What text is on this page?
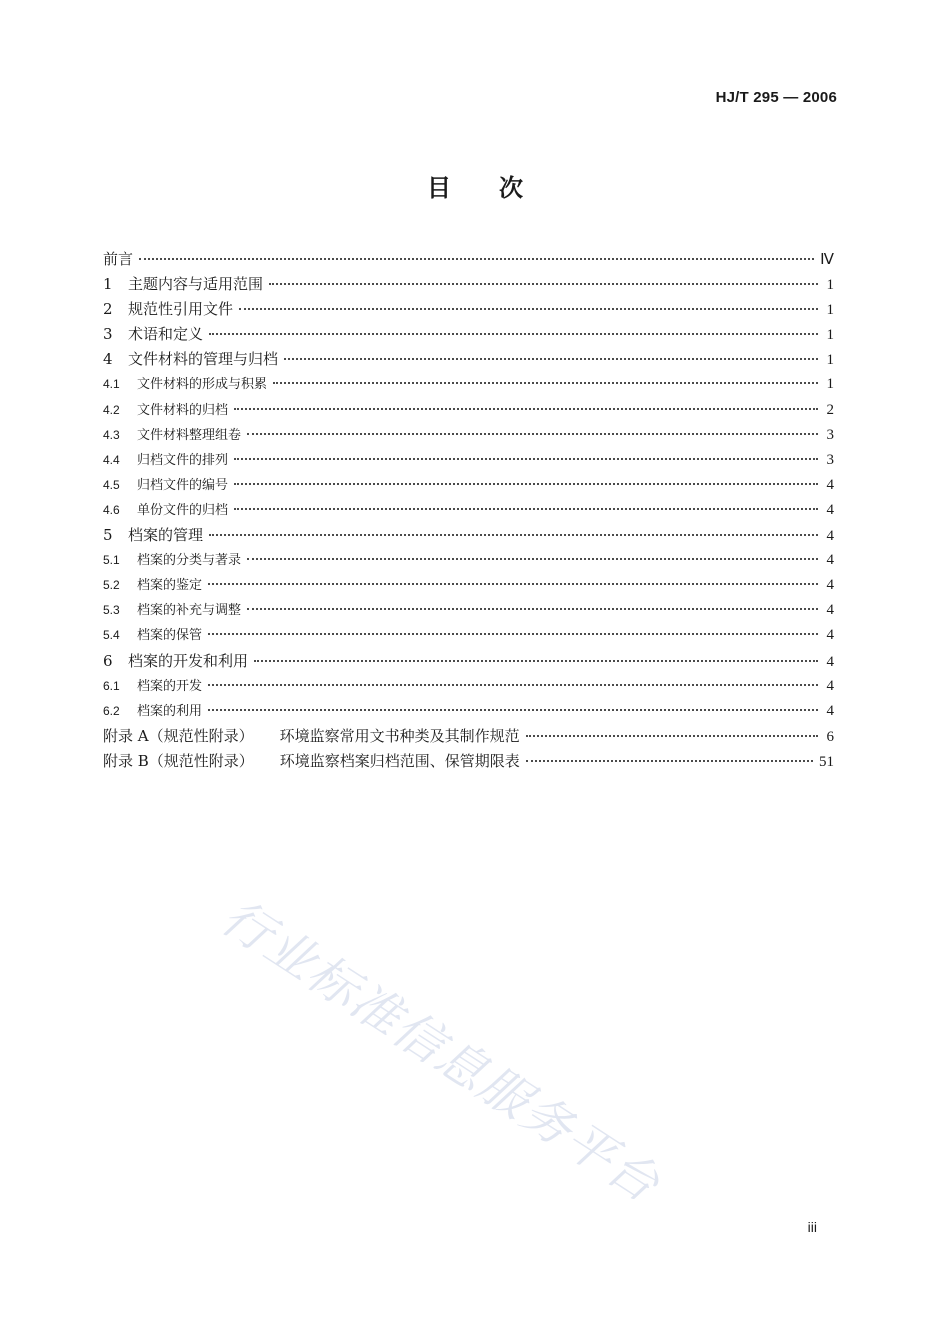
HJ/T 295 — 2006
目 次
前言	Ⅳ
1	主题内容与适用范围	1
2	规范性引用文件	1
3	术语和定义	1
4	文件材料的管理与归档	1
4.1	文件材料的形成与积累	1
4.2	文件材料的归档	2
4.3	文件材料整理组卷	3
4.4	归档文件的排列	3
4.5	归档文件的编号	4
4.6	单份文件的归档	4
5	档案的管理	4
5.1	档案的分类与著录	4
5.2	档案的鉴定	4
5.3	档案的补充与调整	4
5.4	档案的保管	4
6	档案的开发和利用	4
6.1	档案的开发	4
6.2	档案的利用	4
附录 A（规范性附录） 环境监察常用文书种类及其制作规范	6
附录 B（规范性附录） 环境监察档案归档范围、保管期限表	51
行业标准信息服务平台
iii
